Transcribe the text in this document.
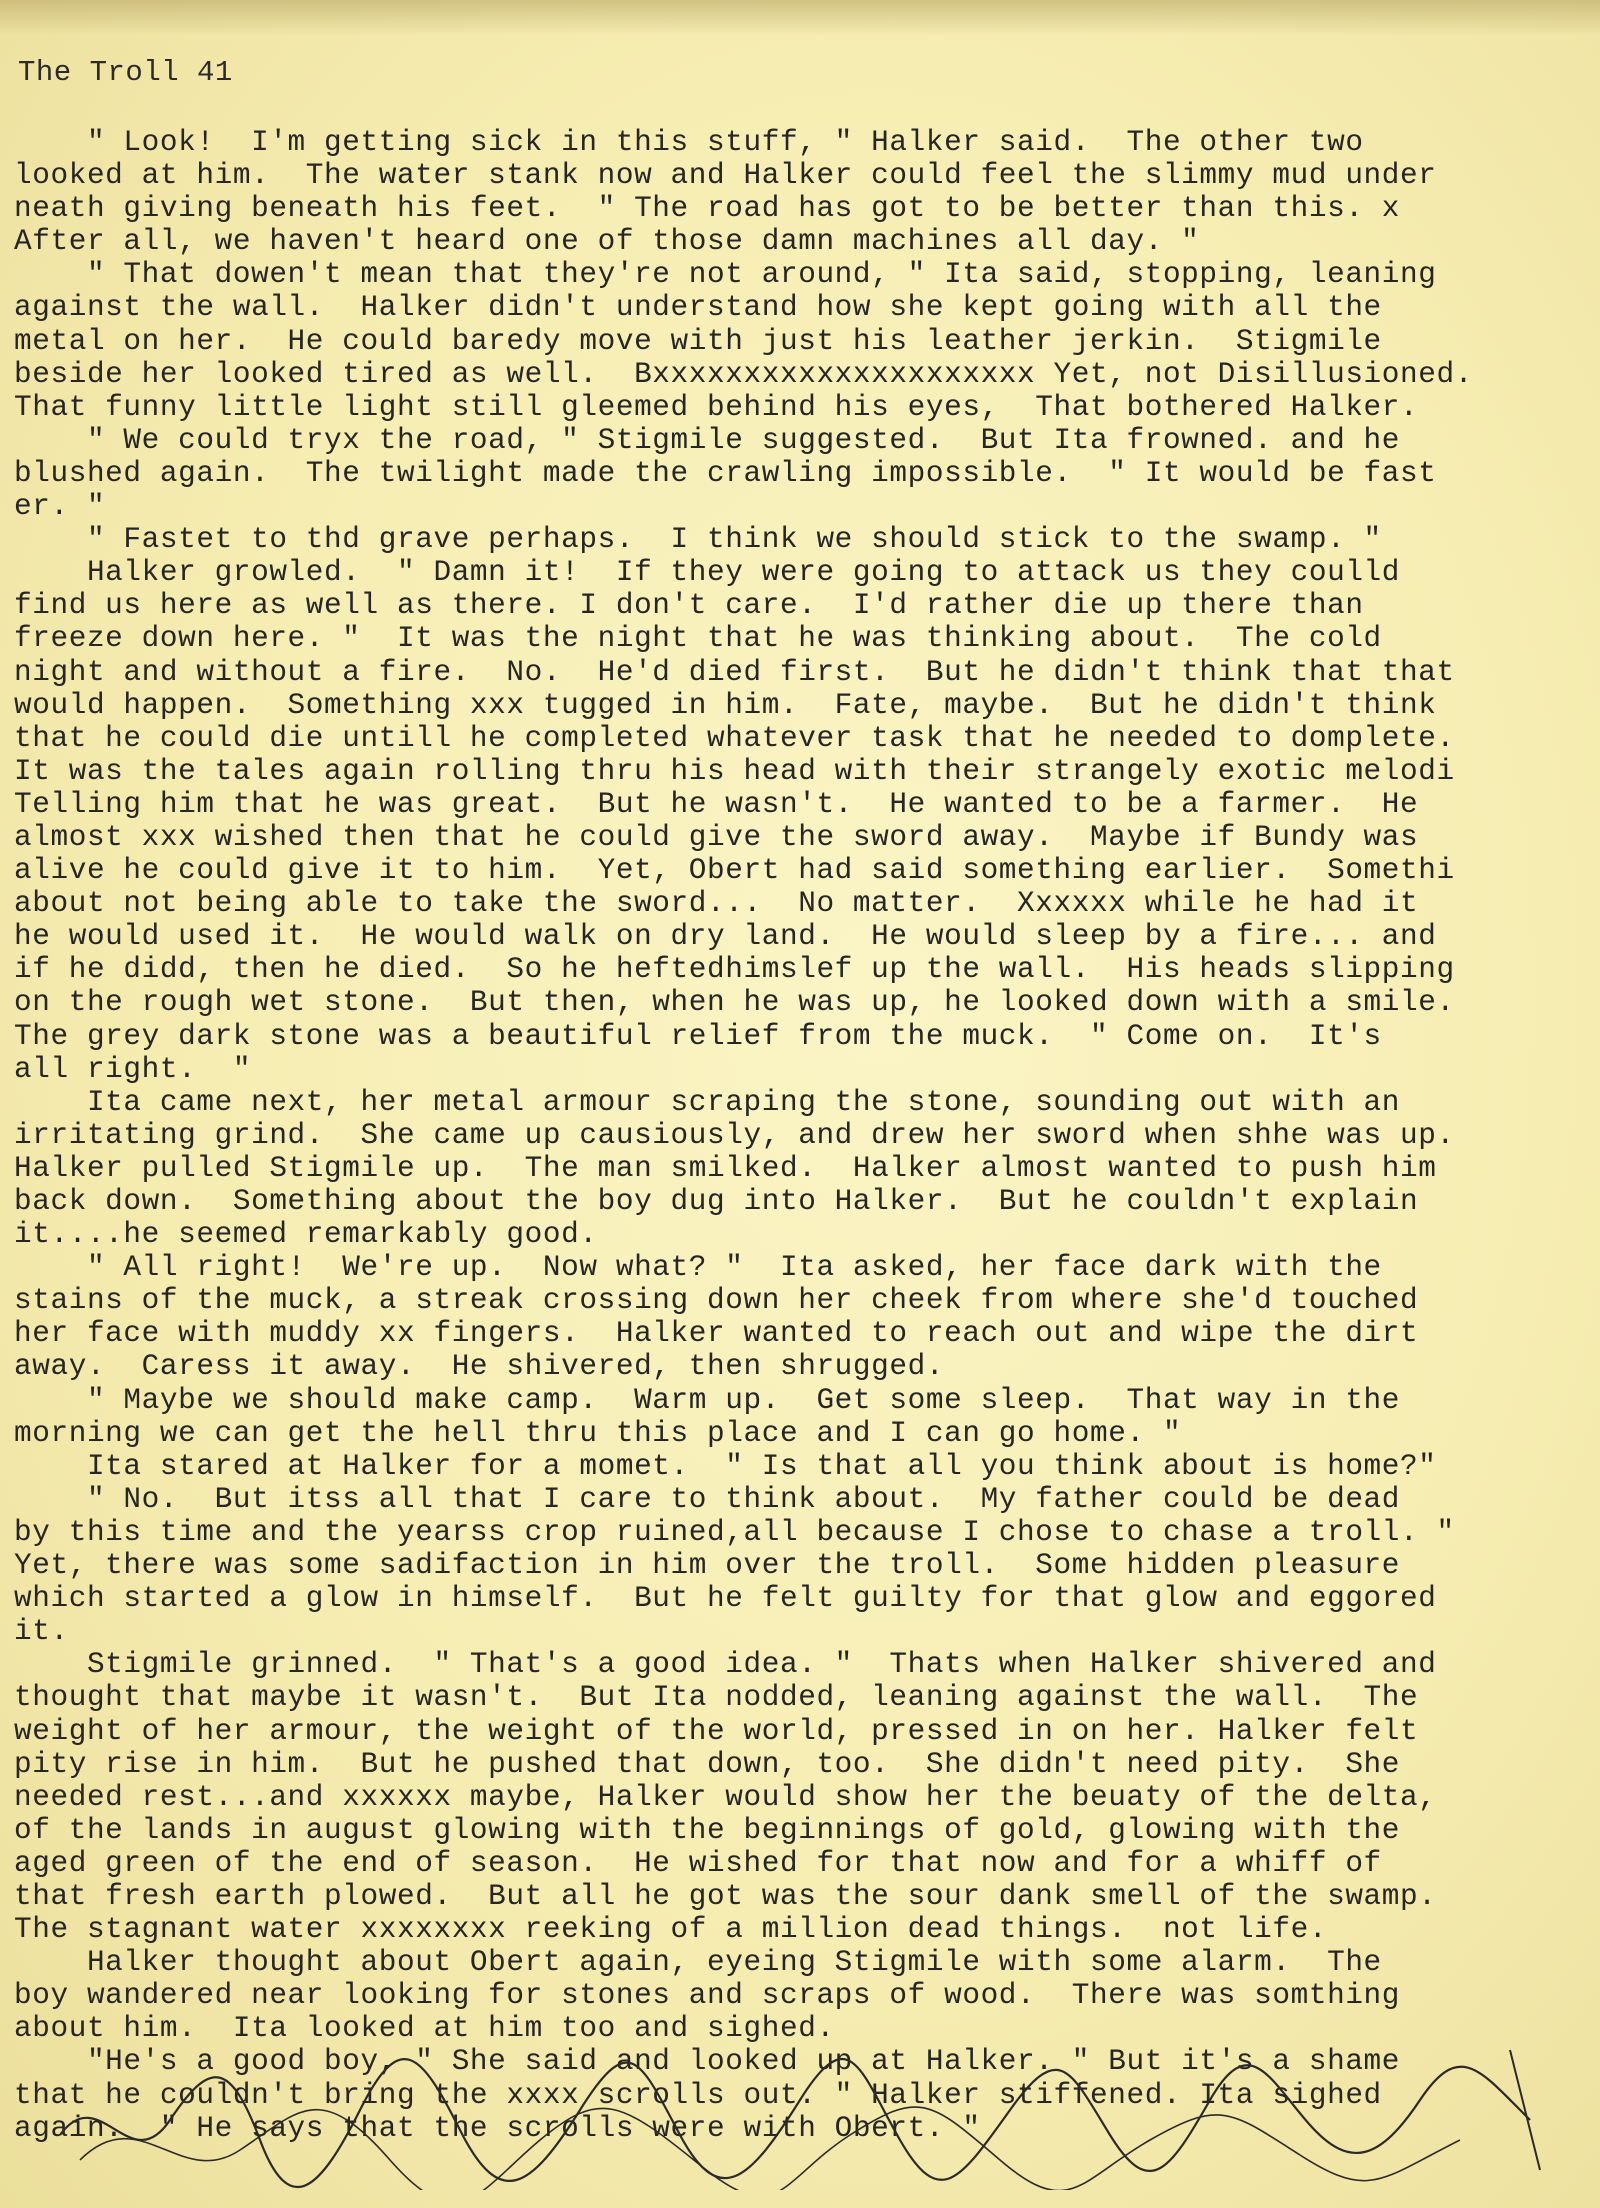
The Troll 41
" Look!  I'm getting sick in this stuff, " Halker said.  The other two
looked at him.  The water stank now and Halker could feel the slimmy mud under
neath giving beneath his feet.  " The road has got to be better than this. x
After all, we haven't heard one of those damn machines all day. "
" That dowen't mean that they're not around, " Ita said, stopping, leaning
against the wall.  Halker didn't understand how she kept going with all the
metal on her.  He could baredy move with just his leather jerkin.  Stigmile
beside her looked tired as well.  Bxxxxxxxxxxxxxxxxxxxxx Yet, not Disillusioned.
That funny little light still gleemed behind his eyes,  That bothered Halker.
" We could tryx the road, " Stigmile suggested.  But Ita frowned. and he
blushed again.  The twilight made the crawling impossible.  " It would be fast
er. "
" Fastet to thd grave perhaps.  I think we should stick to the swamp. "
Halker growled.  " Damn it!  If they were going to attack us they coulld
find us here as well as there. I don't care.  I'd rather die up there than
freeze down here. "  It was the night that he was thinking about.  The cold
night and without a fire.  No.  He'd died first.  But he didn't think that that
would happen.  Something xxx tugged in him.  Fate, maybe.  But he didn't think
that he could die untill he completed whatever task that he needed to domplete.
It was the tales again rolling thru his head with their strangely exotic melodi
Telling him that he was great.  But he wasn't.  He wanted to be a farmer.  He
almost xxx wished then that he could give the sword away.  Maybe if Bundy was
alive he could give it to him.  Yet, Obert had said something earlier.  Somethi
about not being able to take the sword...  No matter.  Xxxxxx while he had it
he would used it.  He would walk on dry land.  He would sleep by a fire... and
if he didd, then he died.  So he heftedhimslef up the wall.  His heads slipping
on the rough wet stone.  But then, when he was up, he looked down with a smile.
The grey dark stone was a beautiful relief from the muck.  " Come on.  It's
all right.  "
Ita came next, her metal armour scraping the stone, sounding out with an
irritating grind.  She came up causiously, and drew her sword when shhe was up.
Halker pulled Stigmile up.  The man smilked.  Halker almost wanted to push him
back down.  Something about the boy dug into Halker.  But he couldn't explain
it....he seemed remarkably good.
" All right!  We're up.  Now what? "  Ita asked, her face dark with the
stains of the muck, a streak crossing down her cheek from where she'd touched
her face with muddy xx fingers.  Halker wanted to reach out and wipe the dirt
away.  Caress it away.  He shivered, then shrugged.
" Maybe we should make camp.  Warm up.  Get some sleep.  That way in the
morning we can get the hell thru this place and I can go home. "
Ita stared at Halker for a momet.  " Is that all you think about is home?"
" No.  But itss all that I care to think about.  My father could be dead
by this time and the yearss crop ruined,all because I chose to chase a troll. "
Yet, there was some sadifaction in him over the troll.  Some hidden pleasure
which started a glow in himself.  But he felt guilty for that glow and eggored
it.
Stigmile grinned.  " That's a good idea. "  Thats when Halker shivered and
thought that maybe it wasn't.  But Ita nodded, leaning against the wall.  The
weight of her armour, the weight of the world, pressed in on her. Halker felt
pity rise in him.  But he pushed that down, too.  She didn't need pity.  She
needed rest...and xxxxxx maybe, Halker would show her the beuaty of the delta,
of the lands in august glowing with the beginnings of gold, glowing with the
aged green of the end of season.  He wished for that now and for a whiff of
that fresh earth plowed.  But all he got was the sour dank smell of the swamp.
The stagnant water xxxxxxxx reeking of a million dead things.  not life.
Halker thought about Obert again, eyeing Stigmile with some alarm.  The
boy wandered near looking for stones and scraps of wood.  There was somthing
about him.  Ita looked at him too and sighed.
"He's a good boy, " She said and looked up at Halker. " But it's a shame
that he couldn't bring the xxxx scrolls out. " Halker stiffened. Ita sighed
again.  " He says that the scrolls were with Obert. "
